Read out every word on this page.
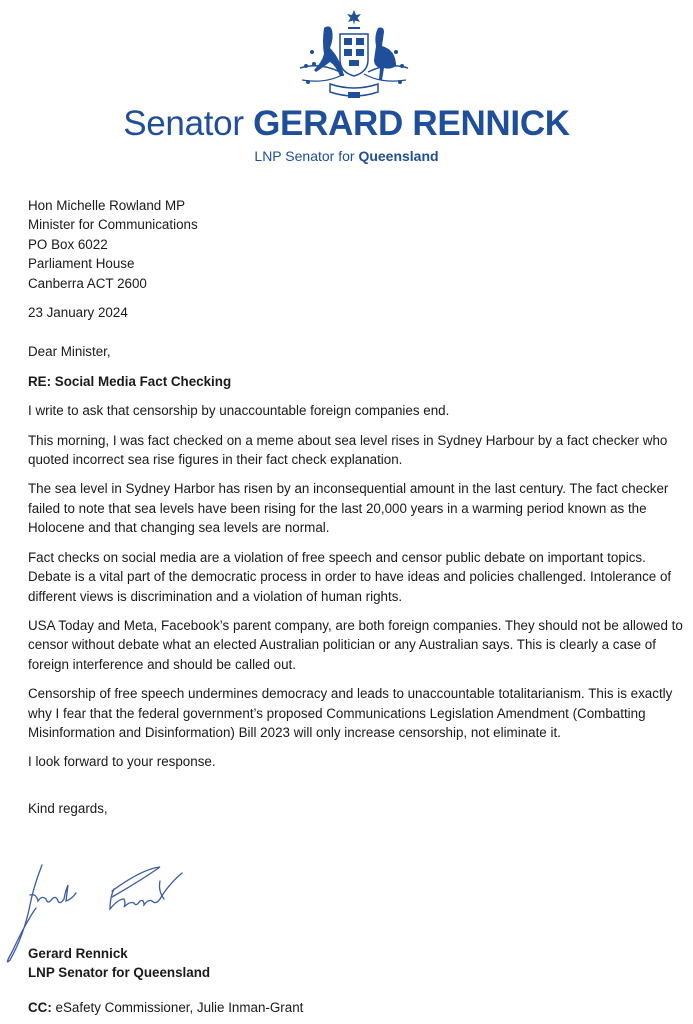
Senator GERARD RENNICK
LNP Senator for Queensland

Hon Michelle Rowland MP

Minister for Communications

PO Box 6022

Parliament House

Canberra ACT 2600

23 January 2024

Dear Minister,

RE: Social Media Fact Checking

I write to ask that censorship by unaccountable foreign companies end.

This morning, I was fact checked on a meme about sea level rises in Sydney Harbour by a fact checker who quoted incorrect sea rise figures in their fact check explanation.

The sea level in Sydney Harbor has risen by an inconsequential amount in the last century. The fact checker failed to note that sea levels have been rising for the last 20,000 years in a warming period known as the Holocene and that changing sea levels are normal.

Fact checks on social media are a violation of free speech and censor public debate on important topics. Debate is a vital part of the democratic process in order to have ideas and policies challenged. Intolerance of different views is discrimination and a violation of human rights.

USA Today and Meta, Facebook’s parent company, are both foreign companies. They should not be allowed to censor without debate what an elected Australian politician or any Australian says. This is clearly a case of foreign interference and should be called out.

Censorship of free speech undermines democracy and leads to unaccountable totalitarianism. This is exactly why I fear that the federal government’s proposed Communications Legislation Amendment (Combatting Misinformation and Disinformation) Bill 2023 will only increase censorship, not eliminate it.

I look forward to your response.

Kind regards,

Gerard Rennick
LNP Senator for Queensland
CC: eSafety Commissioner, Julie Inman-Grant
